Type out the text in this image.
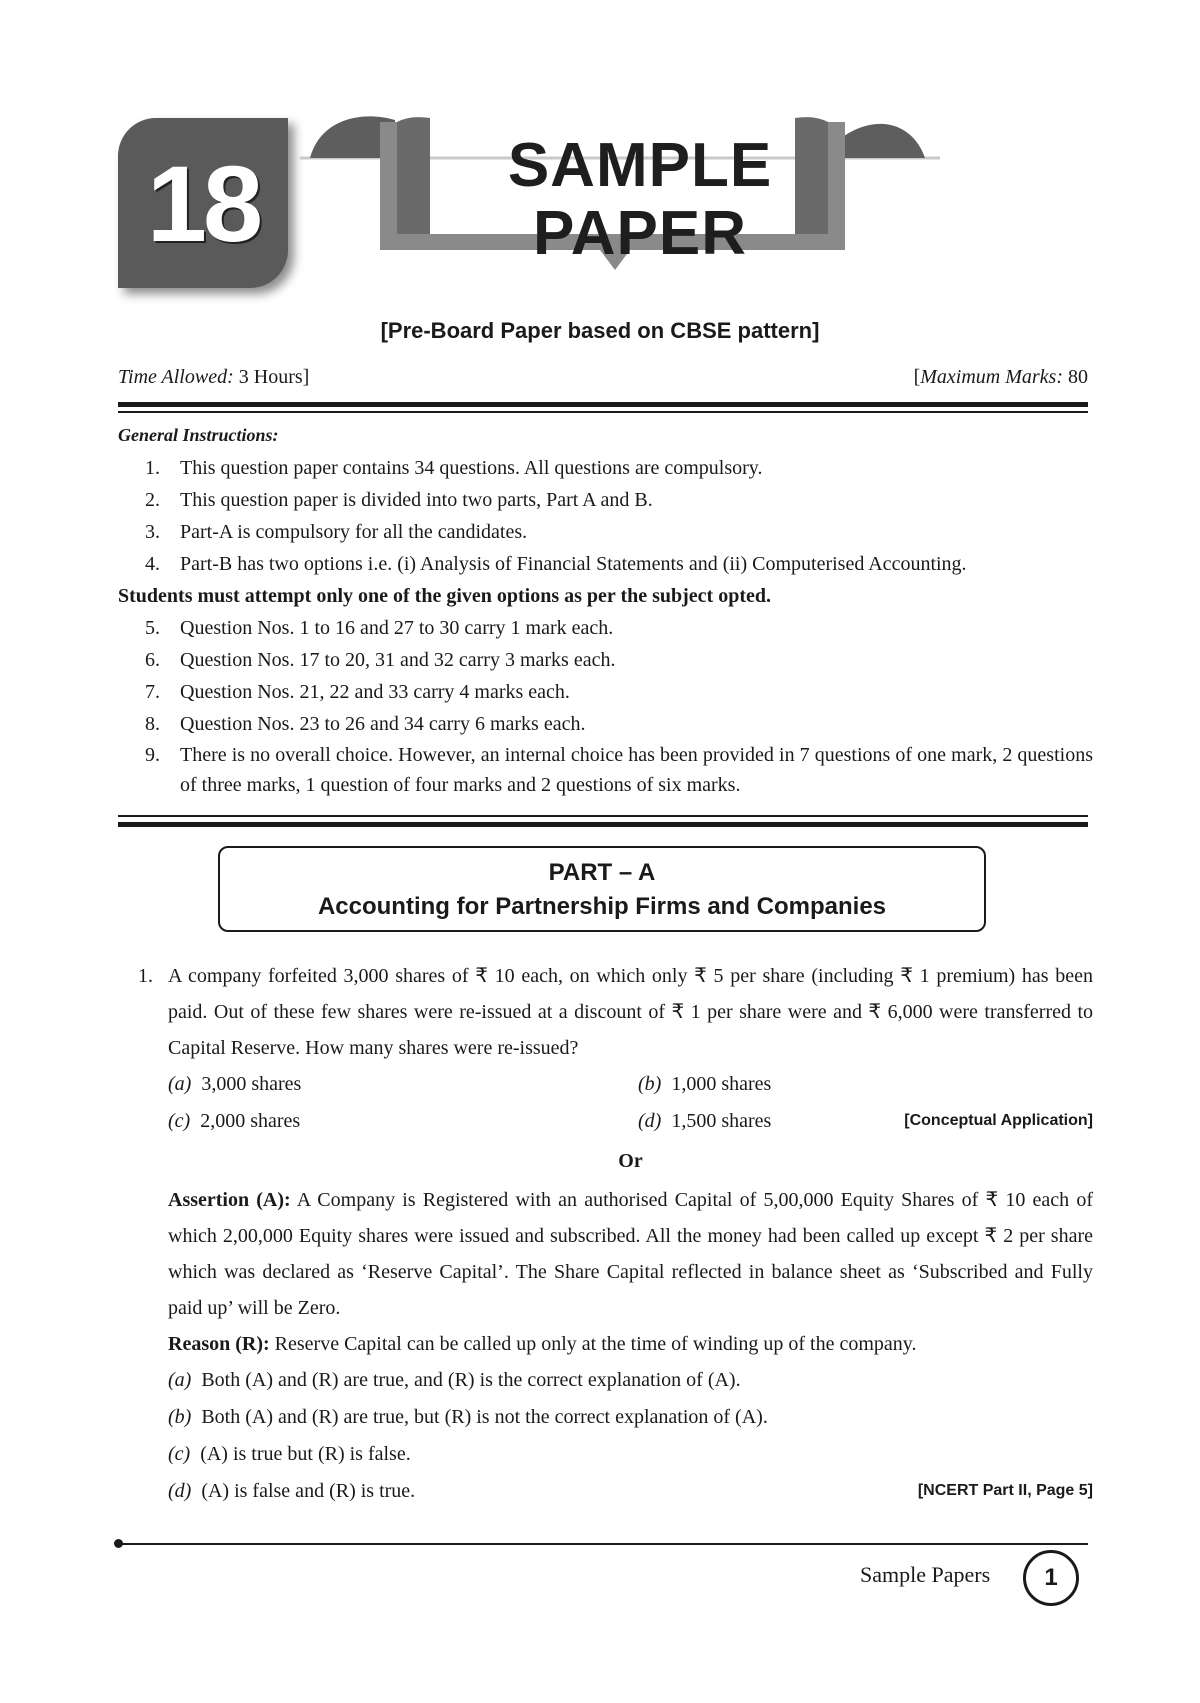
18	SAMPLE
PAPER
[Pre-Board Paper based on CBSE pattern]
Time Allowed: 3 Hours]	[Maximum Marks: 80
General Instructions:
1. This question paper contains 34 questions. All questions are compulsory.
2. This question paper is divided into two parts, Part A and B.
3. Part-A is compulsory for all the candidates.
4. Part-B has two options i.e. (i) Analysis of Financial Statements and (ii) Computerised Accounting.
Students must attempt only one of the given options as per the subject opted.
5. Question Nos. 1 to 16 and 27 to 30 carry 1 mark each.
6. Question Nos. 17 to 20, 31 and 32 carry 3 marks each.
7. Question Nos. 21, 22 and 33 carry 4 marks each.
8. Question Nos. 23 to 26 and 34 carry 6 marks each.
9. There is no overall choice. However, an internal choice has been provided in 7 questions of one mark, 2 questions of three marks, 1 question of four marks and 2 questions of six marks.
PART – A
Accounting for Partnership Firms and Companies
1. A company forfeited 3,000 shares of ₹ 10 each, on which only ₹ 5 per share (including ₹ 1 premium) has been paid. Out of these few shares were re-issued at a discount of ₹ 1 per share were and ₹ 6,000 were transferred to Capital Reserve. How many shares were re-issued?
(a) 3,000 shares	(b) 1,000 shares
(c) 2,000 shares	(d) 1,500 shares	[Conceptual Application]
Or
Assertion (A): A Company is Registered with an authorised Capital of 5,00,000 Equity Shares of ₹ 10 each of which 2,00,000 Equity shares were issued and subscribed. All the money had been called up except ₹ 2 per share which was declared as ‘Reserve Capital’. The Share Capital reflected in balance sheet as ‘Subscribed and Fully paid up’ will be Zero.
Reason (R): Reserve Capital can be called up only at the time of winding up of the company.
(a) Both (A) and (R) are true, and (R) is the correct explanation of (A).
(b) Both (A) and (R) are true, but (R) is not the correct explanation of (A).
(c) (A) is true but (R) is false.
(d) (A) is false and (R) is true.	[NCERT Part II, Page 5]
Sample Papers	1
